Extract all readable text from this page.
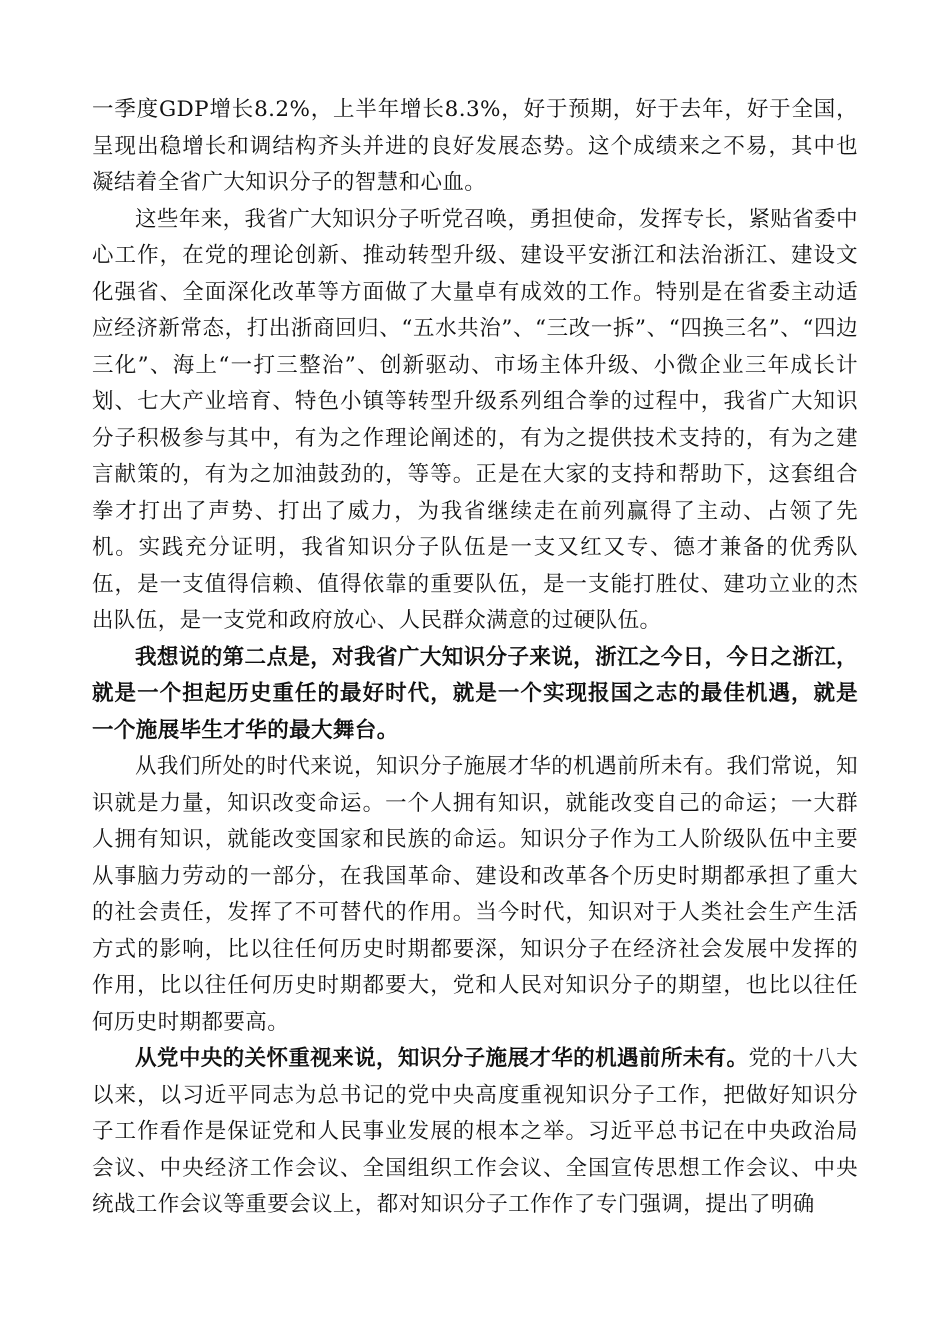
一季度GDP增长8.2%，上半年增长8.3%，好于预期，好于去年，好于全国，呈现出稳增长和调结构齐头并进的良好发展态势。这个成绩来之不易，其中也凝结着全省广大知识分子的智慧和心血。

这些年来，我省广大知识分子听党召唤，勇担使命，发挥专长，紧贴省委中心工作，在党的理论创新、推动转型升级、建设平安浙江和法治浙江、建设文化强省、全面深化改革等方面做了大量卓有成效的工作。特别是在省委主动适应经济新常态，打出浙商回归、“五水共治”、“三改一拆”、“四换三名”、“四边三化”、海上“一打三整治”、创新驱动、市场主体升级、小微企业三年成长计划、七大产业培育、特色小镇等转型升级系列组合拳的过程中，我省广大知识分子积极参与其中，有为之作理论阐述的，有为之提供技术支持的，有为之建言献策的，有为之加油鼓劲的，等等。正是在大家的支持和帮助下，这套组合拳才打出了声势、打出了威力，为我省继续走在前列赢得了主动、占领了先机。实践充分证明，我省知识分子队伍是一支又红又专、德才兼备的优秀队伍，是一支值得信赖、值得依靠的重要队伍，是一支能打胜仗、建功立业的杰出队伍，是一支党和政府放心、人民群众满意的过硬队伍。

我想说的第二点是，对我省广大知识分子来说，浙江之今日，今日之浙江，就是一个担起历史重任的最好时代，就是一个实现报国之志的最佳机遇，就是一个施展毕生才华的最大舞台。

从我们所处的时代来说，知识分子施展才华的机遇前所未有。我们常说，知识就是力量，知识改变命运。一个人拥有知识，就能改变自己的命运；一大群人拥有知识，就能改变国家和民族的命运。知识分子作为工人阶级队伍中主要从事脑力劳动的一部分，在我国革命、建设和改革各个历史时期都承担了重大的社会责任，发挥了不可替代的作用。当今时代，知识对于人类社会生产生活方式的影响，比以往任何历史时期都要深，知识分子在经济社会发展中发挥的作用，比以往任何历史时期都要大，党和人民对知识分子的期望，也比以往任何历史时期都要高。

从党中央的关怀重视来说，知识分子施展才华的机遇前所未有。党的十八大以来，以习近平同志为总书记的党中央高度重视知识分子工作，把做好知识分子工作看作是保证党和人民事业发展的根本之举。习近平总书记在中央政治局会议、中央经济工作会议、全国组织工作会议、全国宣传思想工作会议、中央统战工作会议等重要会议上，都对知识分子工作作了专门强调，提出了明确
